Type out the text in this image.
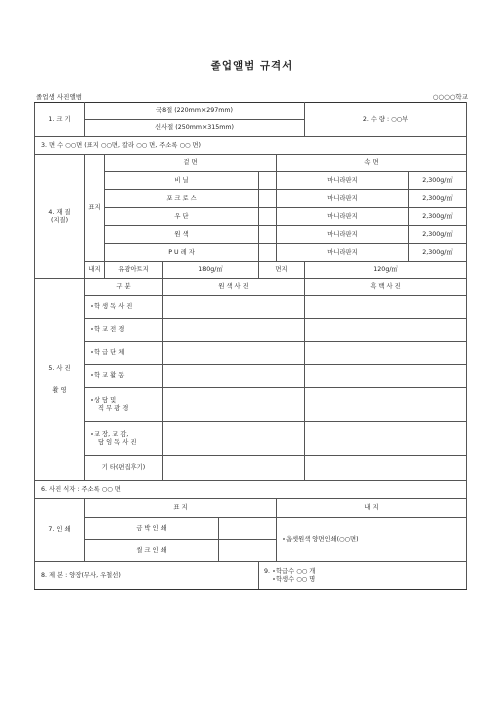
졸업앨범 규격서
졸업생 사진앨범	○○○○학교
1. 크 기	국8절 (220mm×297mm)						2. 수 량 : ○○부	
	신사절 (250mm×315mm)							
3. 면 수 ○○면 (표지 ○○면, 칼라 ○○ 면, 주소록 ○○ 면)								

4. 재 질
(지질)	표지	겉 면				속 면		
		비 닐				마니라판지		2,300g/㎡
		포 크 로 스				마니라판지		2,300g/㎡
		우 단				마니라판지		2,300g/㎡
		원 색				마니라판지		2,300g/㎡
		P U 레 자				마니라판지		2,300g/㎡
	내지	유광아트지	180g/㎡		면지		120g/㎡	

5. 사 진
촬 영	구 분		원 색 사 진				흑 백 사 진	
	∘학 생 독 사 진							
	∘학 교 전 경							
	∘학 급 단 체							
	∘학 교 활 동							

	∘상 담 및
직 무 광 경							

	∘교 장, 교 감,
담 임 독 사 진							

	기 타(편집후기)							
6. 사진 식자 : 주소록 ○○ 면								
7. 인 쇄	표 지					내 지		
	금 박 인 쇄					∘옵셋원색 양면인쇄(○○면)		
	씰 크 인 쇄							
8. 제 본 : 양장(무사, 우철선)					9. ∘학급수 ○○ 개
∘학생수 ○○ 명			
